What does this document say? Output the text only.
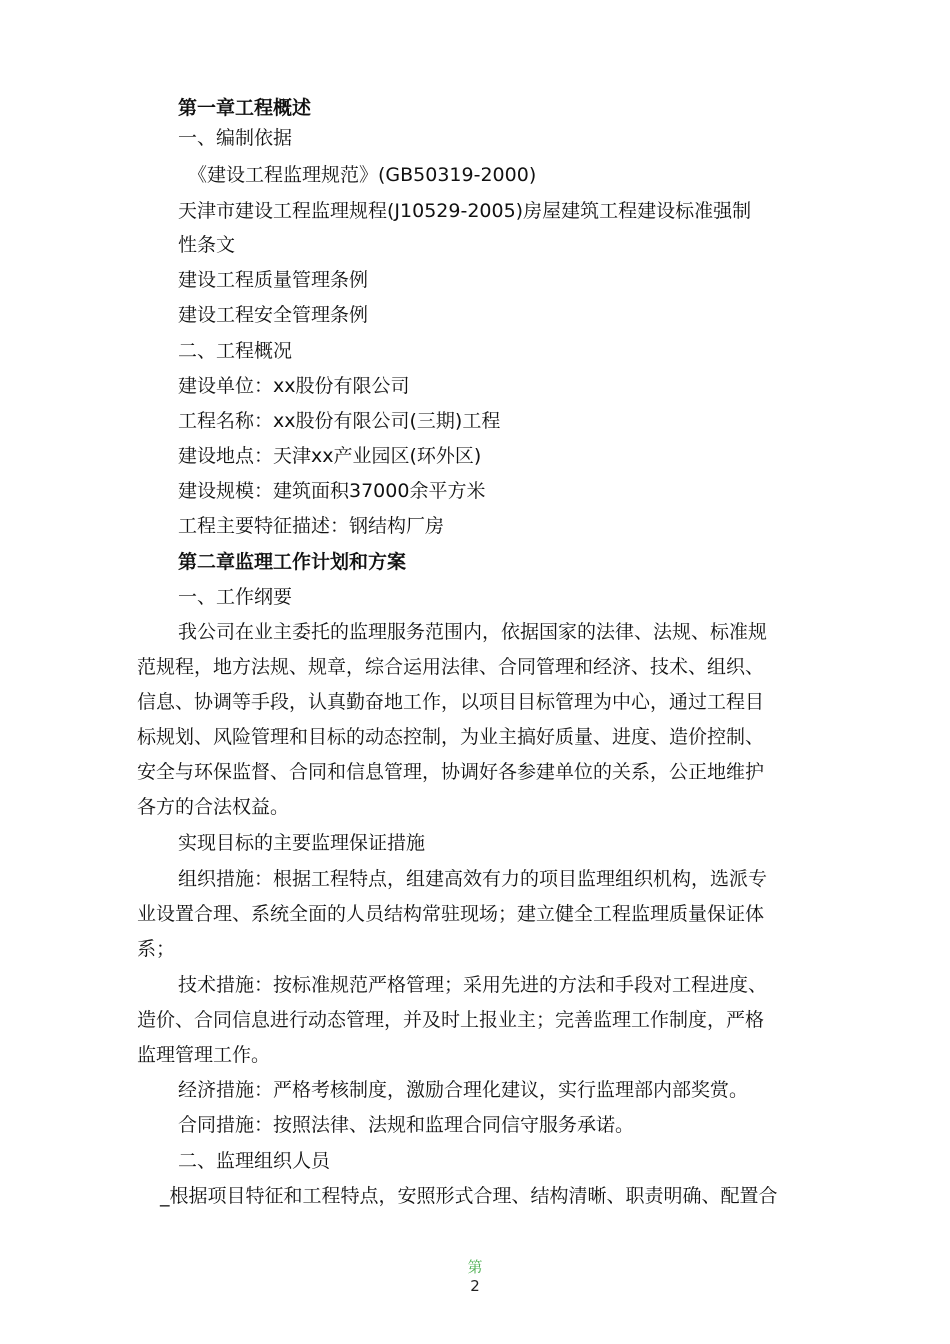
第一章工程概述
一、编制依据
《建设工程监理规范》(GB50319-2000)
天津市建设工程监理规程(J10529-2005)房屋建筑工程建设标准强制
性条文
建设工程质量管理条例
建设工程安全管理条例
二、工程概况
建设单位：xx股份有限公司
工程名称：xx股份有限公司(三期)工程
建设地点：天津xx产业园区(环外区)
建设规模：建筑面积37000余平方米
工程主要特征描述：钢结构厂房
第二章监理工作计划和方案
一、工作纲要
我公司在业主委托的监理服务范围内，依据国家的法律、法规、标准规
范规程，地方法规、规章，综合运用法律、合同管理和经济、技术、组织、
信息、协调等手段，认真勤奋地工作，以项目目标管理为中心，通过工程目
标规划、风险管理和目标的动态控制，为业主搞好质量、进度、造价控制、
安全与环保监督、合同和信息管理，协调好各参建单位的关系，公正地维护
各方的合法权益。
实现目标的主要监理保证措施
组织措施：根据工程特点，组建高效有力的项目监理组织机构，选派专
业设置合理、系统全面的人员结构常驻现场；建立健全工程监理质量保证体
系；
技术措施：按标准规范严格管理；采用先进的方法和手段对工程进度、
造价、合同信息进行动态管理，并及时上报业主；完善监理工作制度，严格
监理管理工作。
经济措施：严格考核制度，激励合理化建议，实行监理部内部奖赏。
合同措施：按照法律、法规和监理合同信守服务承诺。
二、监理组织人员
_根据项目特征和工程特点，安照形式合理、结构清晰、职责明确、配置合
第
2
